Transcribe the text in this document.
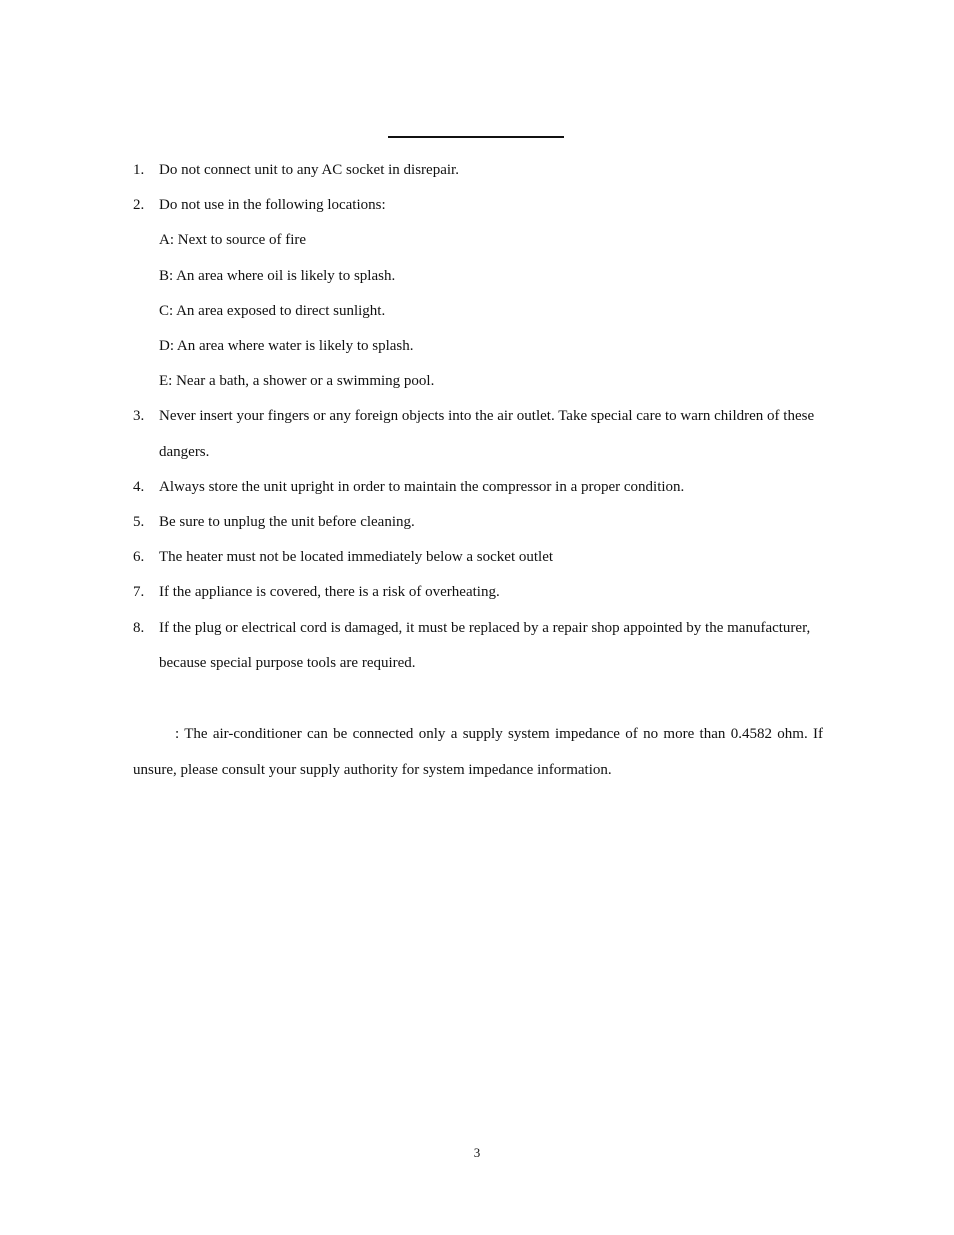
1. Do not connect unit to any AC socket in disrepair.
2. Do not use in the following locations:
A: Next to source of fire
B: An area where oil is likely to splash.
C: An area exposed to direct sunlight.
D: An area where water is likely to splash.
E: Near a bath, a shower or a swimming pool.
3. Never insert your fingers or any foreign objects into the air outlet. Take special care to warn children of these dangers.
4. Always store the unit upright in order to maintain the compressor in a proper condition.
5. Be sure to unplug the unit before cleaning.
6. The heater must not be located immediately below a socket outlet
7. If the appliance is covered, there is a risk of overheating.
8. If the plug or electrical cord is damaged, it must be replaced by a repair shop appointed by the manufacturer, because special purpose tools are required.

: The air-conditioner can be connected only a supply system impedance of no more than 0.4582 ohm. If unsure, please consult your supply authority for system impedance information.

3
